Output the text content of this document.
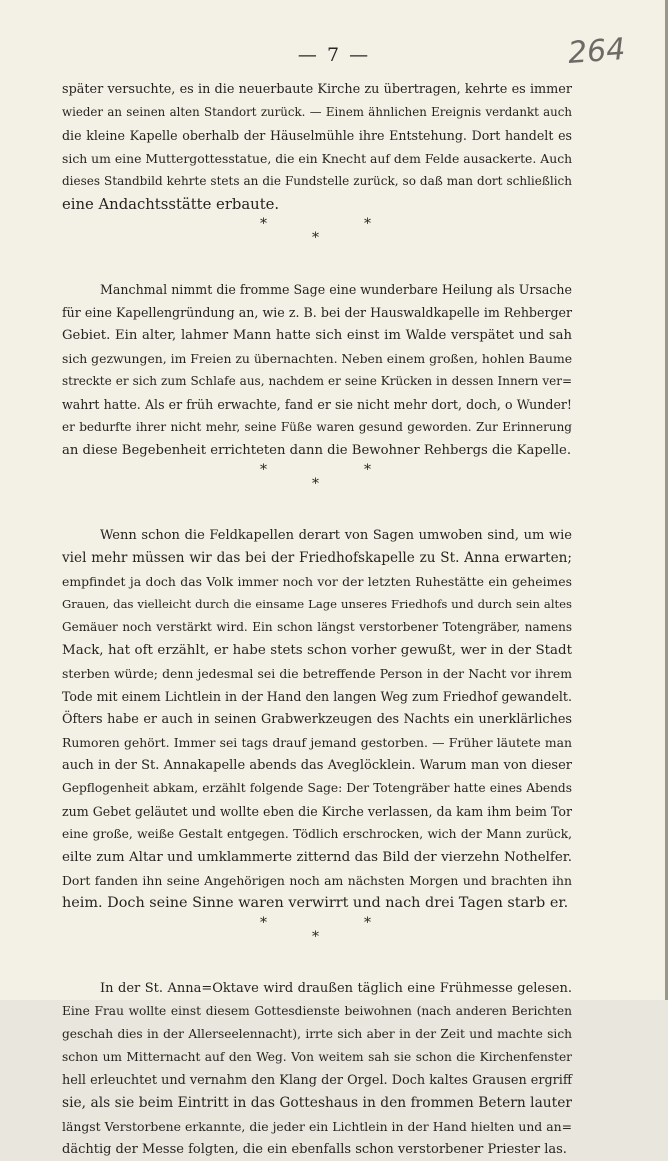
— 7 —	264
später versuchte, es in die neuerbaute Kirche zu übertragen, kehrte es immer
wieder an seinen alten Standort zurück. — Einem ähnlichen Ereignis verdankt auch
die kleine Kapelle oberhalb der Häuselmühle ihre Entstehung. Dort handelt es
sich um eine Muttergottesstatue, die ein Knecht auf dem Felde ausackerte. Auch
dieses Standbild kehrte stets an die Fundstelle zurück, so daß man dort schließlich
eine Andachtsstätte erbaute.
*	*
*
Manchmal nimmt die fromme Sage eine wunderbare Heilung als Ursache
für eine Kapellengründung an, wie z. B. bei der Hauswaldkapelle im Rehberger
Gebiet. Ein alter, lahmer Mann hatte sich einst im Walde verspätet und sah
sich gezwungen, im Freien zu übernachten. Neben einem großen, hohlen Baume
streckte er sich zum Schlafe aus, nachdem er seine Krücken in dessen Innern ver=
wahrt hatte. Als er früh erwachte, fand er sie nicht mehr dort, doch, o Wunder!
er bedurfte ihrer nicht mehr, seine Füße waren gesund geworden. Zur Erinnerung
an diese Begebenheit errichteten dann die Bewohner Rehbergs die Kapelle.
*	*
*
Wenn schon die Feldkapellen derart von Sagen umwoben sind, um wie
viel mehr müssen wir das bei der Friedhofskapelle zu St. Anna erwarten;
empfindet ja doch das Volk immer noch vor der letzten Ruhestätte ein geheimes
Grauen, das vielleicht durch die einsame Lage unseres Friedhofs und durch sein altes
Gemäuer noch verstärkt wird. Ein schon längst verstorbener Totengräber, namens
Mack, hat oft erzählt, er habe stets schon vorher gewußt, wer in der Stadt
sterben würde; denn jedesmal sei die betreffende Person in der Nacht vor ihrem
Tode mit einem Lichtlein in der Hand den langen Weg zum Friedhof gewandelt.
Öfters habe er auch in seinen Grabwerkzeugen des Nachts ein unerklärliches
Rumoren gehört. Immer sei tags drauf jemand gestorben. — Früher läutete man
auch in der St. Annakapelle abends das Avеglöcklein. Warum man von dieser
Gepflogenheit abkam, erzählt folgende Sage: Der Totengräber hatte eines Abends
zum Gebet geläutet und wollte eben die Kirche verlassen, da kam ihm beim Tor
eine große, weiße Gestalt entgegen. Tödlich erschrocken, wich der Mann zurück,
eilte zum Altar und umklammerte zitternd das Bild der vierzehn Nothelfer.
Dort fanden ihn seine Angehörigen noch am nächsten Morgen und brachten ihn
heim. Doch seine Sinne waren verwirrt und nach drei Tagen starb er.
*	*
*
In der St. Anna=Oktave wird draußen täglich eine Frühmesse gelesen.
Eine Frau wollte einst diesem Gottesdienste beiwohnen (nach anderen Berichten
geschah dies in der Allerseelennacht), irrte sich aber in der Zeit und machte sich
schon um Mitternacht auf den Weg. Von weitem sah sie schon die Kirchenfenster
hell erleuchtet und vernahm den Klang der Orgel. Doch kaltes Grausen ergriff
sie, als sie beim Eintritt in das Gotteshaus in den frommen Betern lauter
längst Verstorbene erkannte, die jeder ein Lichtlein in der Hand hielten und an=
dächtig der Messe folgten, die ein ebenfalls schon verstorbener Priester las.
